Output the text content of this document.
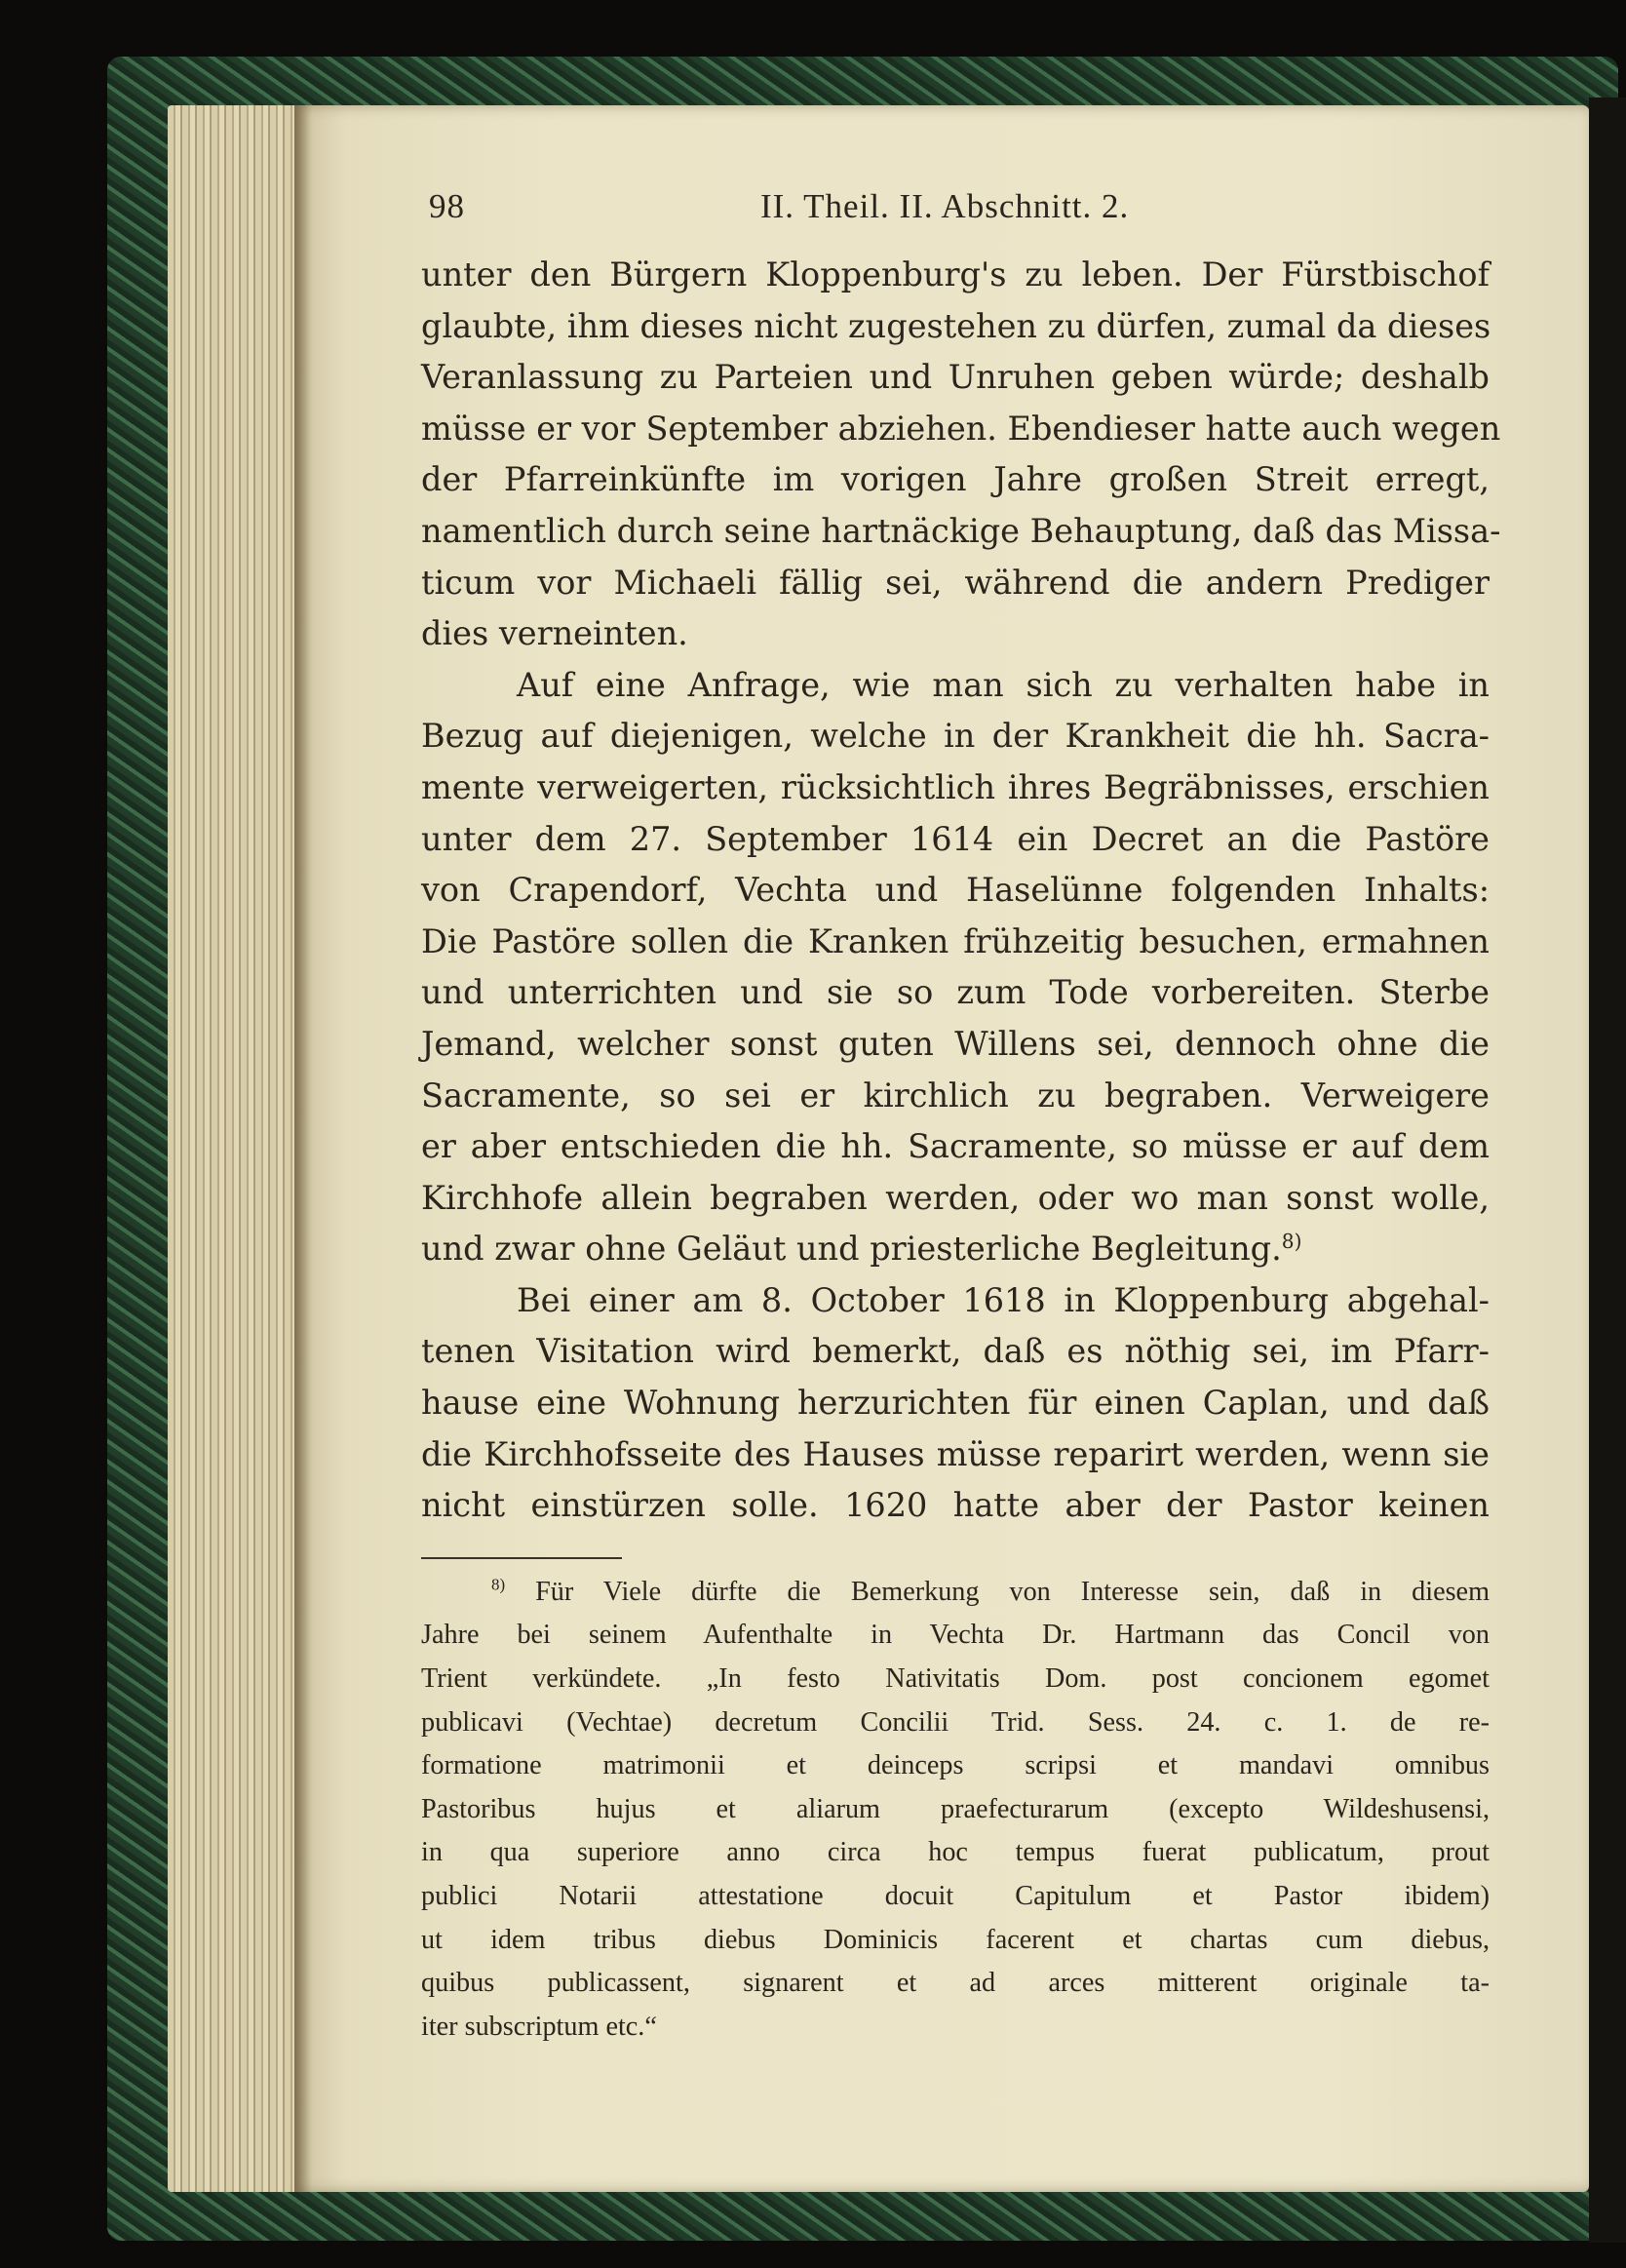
98	II. Theil. II. Abschnitt. 2.

unter den Bürgern Kloppenburg's zu leben. Der Fürstbischof
glaubte, ihm dieses nicht zugestehen zu dürfen, zumal da dieses
Veranlassung zu Parteien und Unruhen geben würde; deshalb
müsse er vor September abziehen. Ebendieser hatte auch wegen
der Pfarreinkünfte im vorigen Jahre großen Streit erregt,
namentlich durch seine hartnäckige Behauptung, daß das Missa-
ticum vor Michaeli fällig sei, während die andern Prediger
dies verneinten.

Auf eine Anfrage, wie man sich zu verhalten habe in
Bezug auf diejenigen, welche in der Krankheit die hh. Sacra-
mente verweigerten, rücksichtlich ihres Begräbnisses, erschien
unter dem 27. September 1614 ein Decret an die Pastöre
von Crapendorf, Vechta und Haselünne folgenden Inhalts:
Die Pastöre sollen die Kranken frühzeitig besuchen, ermahnen
und unterrichten und sie so zum Tode vorbereiten. Sterbe
Jemand, welcher sonst guten Willens sei, dennoch ohne die
Sacramente, so sei er kirchlich zu begraben. Verweigere
er aber entschieden die hh. Sacramente, so müsse er auf dem
Kirchhofe allein begraben werden, oder wo man sonst wolle,
und zwar ohne Geläut und priesterliche Begleitung.$^{8)}$

Bei einer am 8. October 1618 in Kloppenburg abgehal-
tenen Visitation wird bemerkt, daß es nöthig sei, im Pfarr-
hause eine Wohnung herzurichten für einen Caplan, und daß
die Kirchhofsseite des Hauses müsse reparirt werden, wenn sie
nicht einstürzen solle. 1620 hatte aber der Pastor keinen

$^{8)}$ Für Viele dürfte die Bemerkung von Interesse sein, daß in diesem
Jahre bei seinem Aufenthalte in Vechta Dr. Hartmann das Concil von
Trient verkündete. „In festo Nativitatis Dom. post concionem egomet
publicavi (Vechtae) decretum Concilii Trid. Sess. 24. c. 1. de re-
formatione matrimonii et deinceps scripsi et mandavi omnibus
Pastoribus hujus et aliarum praefecturarum (excepto Wildeshusensi,
in qua superiore anno circa hoc tempus fuerat publicatum, prout
publici Notarii attestatione docuit Capitulum et Pastor ibidem)
ut idem tribus diebus Dominicis facerent et chartas cum diebus,
quibus publicassent, signarent et ad arces mitterent originale ta-
iter subscriptum etc.“
